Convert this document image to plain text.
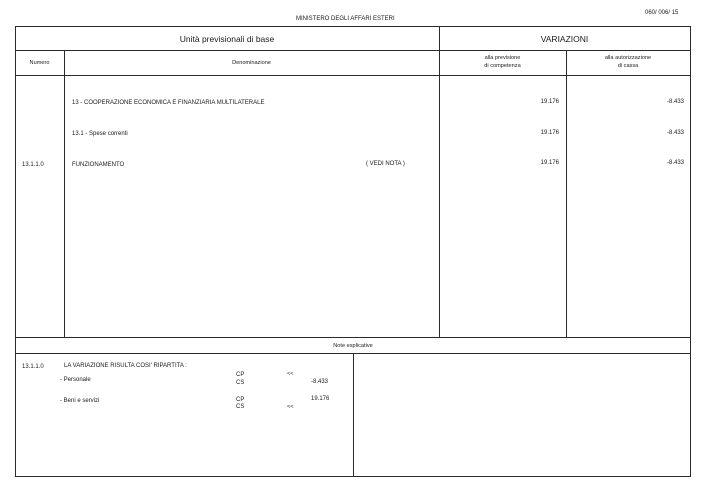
060/ 006/ 15
MINISTERO DEGLI AFFARI ESTERI
Unità previsionali di base	VARIAZIONI
Numero	Denominazione
alla previsione
di competenza
alla autorizzazione
di cassa
13 - COOPERAZIONE ECONOMICA E FINANZIARIA MULTILATERALE	19.176	-8.433
13.1 - Spese correnti	19.176	-8.433
13.1.1.0	FUNZIONAMENTO	( VEDI NOTA )	19.176	-8.433
Note esplicative
13.1.1.0	LA VARIAZIONE RISULTA COSI' RIPARTITA :
- Personale
CP	<<
CS	-8.433
- Beni e servizi	CP	19.176
CS	<<
